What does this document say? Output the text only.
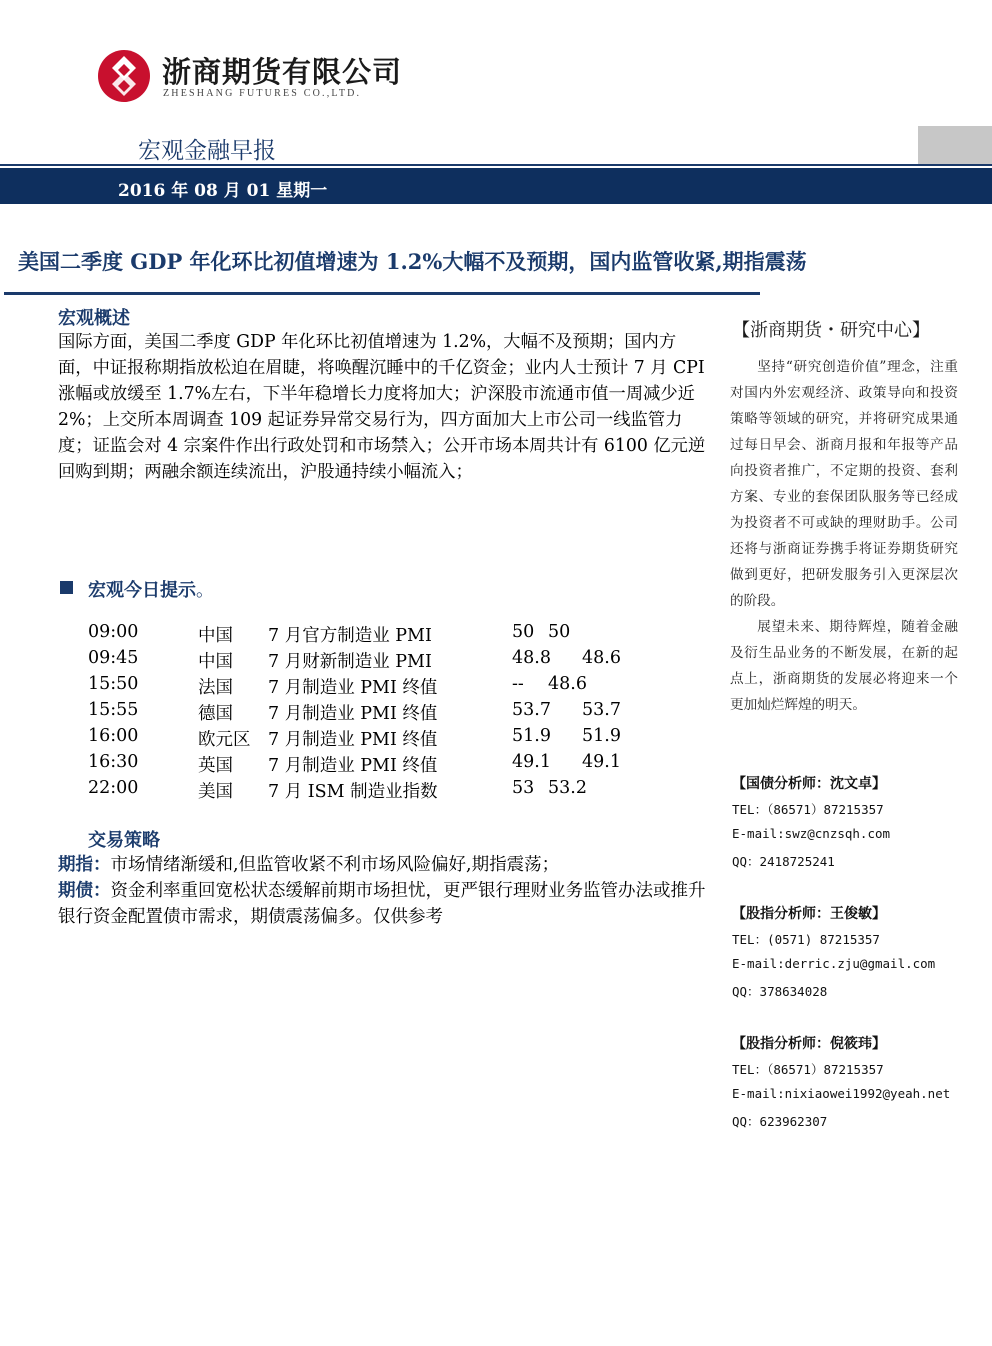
浙商期货有限公司
ZHESHANG FUTURES CO.,LTD.
宏观金融早报
2016 年 08 月 01 星期一
美国二季度 GDP 年化环比初值增速为 1.2%大幅不及预期，国内监管收紧,期指震荡
宏观概述
国际方面，美国二季度 GDP 年化环比初值增速为 1.2%，大幅不及预期；国内方面，中证报称期指放松迫在眉睫，将唤醒沉睡中的千亿资金；业内人士预计 7 月 CPI 涨幅或放缓至 1.7%左右，下半年稳增长力度将加大；沪深股市流通市值一周减少近 2%；上交所本周调查 109 起证券异常交易行为，四方面加大上市公司一线监管力度；证监会对 4 宗案件作出行政处罚和市场禁入；公开市场本周共计有 6100 亿元逆回购到期；两融余额连续流出，沪股通持续小幅流入；
宏观今日提示。
09:00	中国 7 月官方制造业 PMI	50 50
09:45	中国 7 月财新制造业 PMI	48.8 48.6
15:50	法国 7 月制造业 PMI 终值	-- 48.6
15:55	德国 7 月制造业 PMI 终值	53.7 53.7
16:00	欧元区 7 月制造业 PMI 终值	51.9 51.9
16:30	英国 7 月制造业 PMI 终值	49.1 49.1
22:00	美国 7 月 ISM 制造业指数	53 53.2
交易策略
期指：市场情绪渐缓和,但监管收紧不利市场风险偏好,期指震荡；
期债：资金利率重回宽松状态缓解前期市场担忧，更严银行理财业务监管办法或推升银行资金配置债市需求，期债震荡偏多。仅供参考
【浙商期货・研究中心】
坚持“研究创造价值”理念，注重对国内外宏观经济、政策导向和投资策略等领域的研究，并将研究成果通过每日早会、浙商月报和年报等产品向投资者推广，不定期的投资、套利方案、专业的套保团队服务等已经成为投资者不可或缺的理财助手。公司还将与浙商证券携手将证券期货研究做到更好，把研发服务引入更深层次的阶段。
展望未来、期待辉煌，随着金融及衍生品业务的不断发展，在新的起点上，浙商期货的发展必将迎来一个更加灿烂辉煌的明天。
【国债分析师：沈文卓】
TEL：（86571）87215357
E-mail:swz@cnzsqh.com
QQ：2418725241
【股指分析师：王俊敏】
TEL：(0571) 87215357
E-mail:derric.zju@gmail.com
QQ：378634028
【股指分析师：倪筱玮】
TEL：（86571）87215357
E-mail:nixiaowei1992@yeah.net
QQ：623962307
